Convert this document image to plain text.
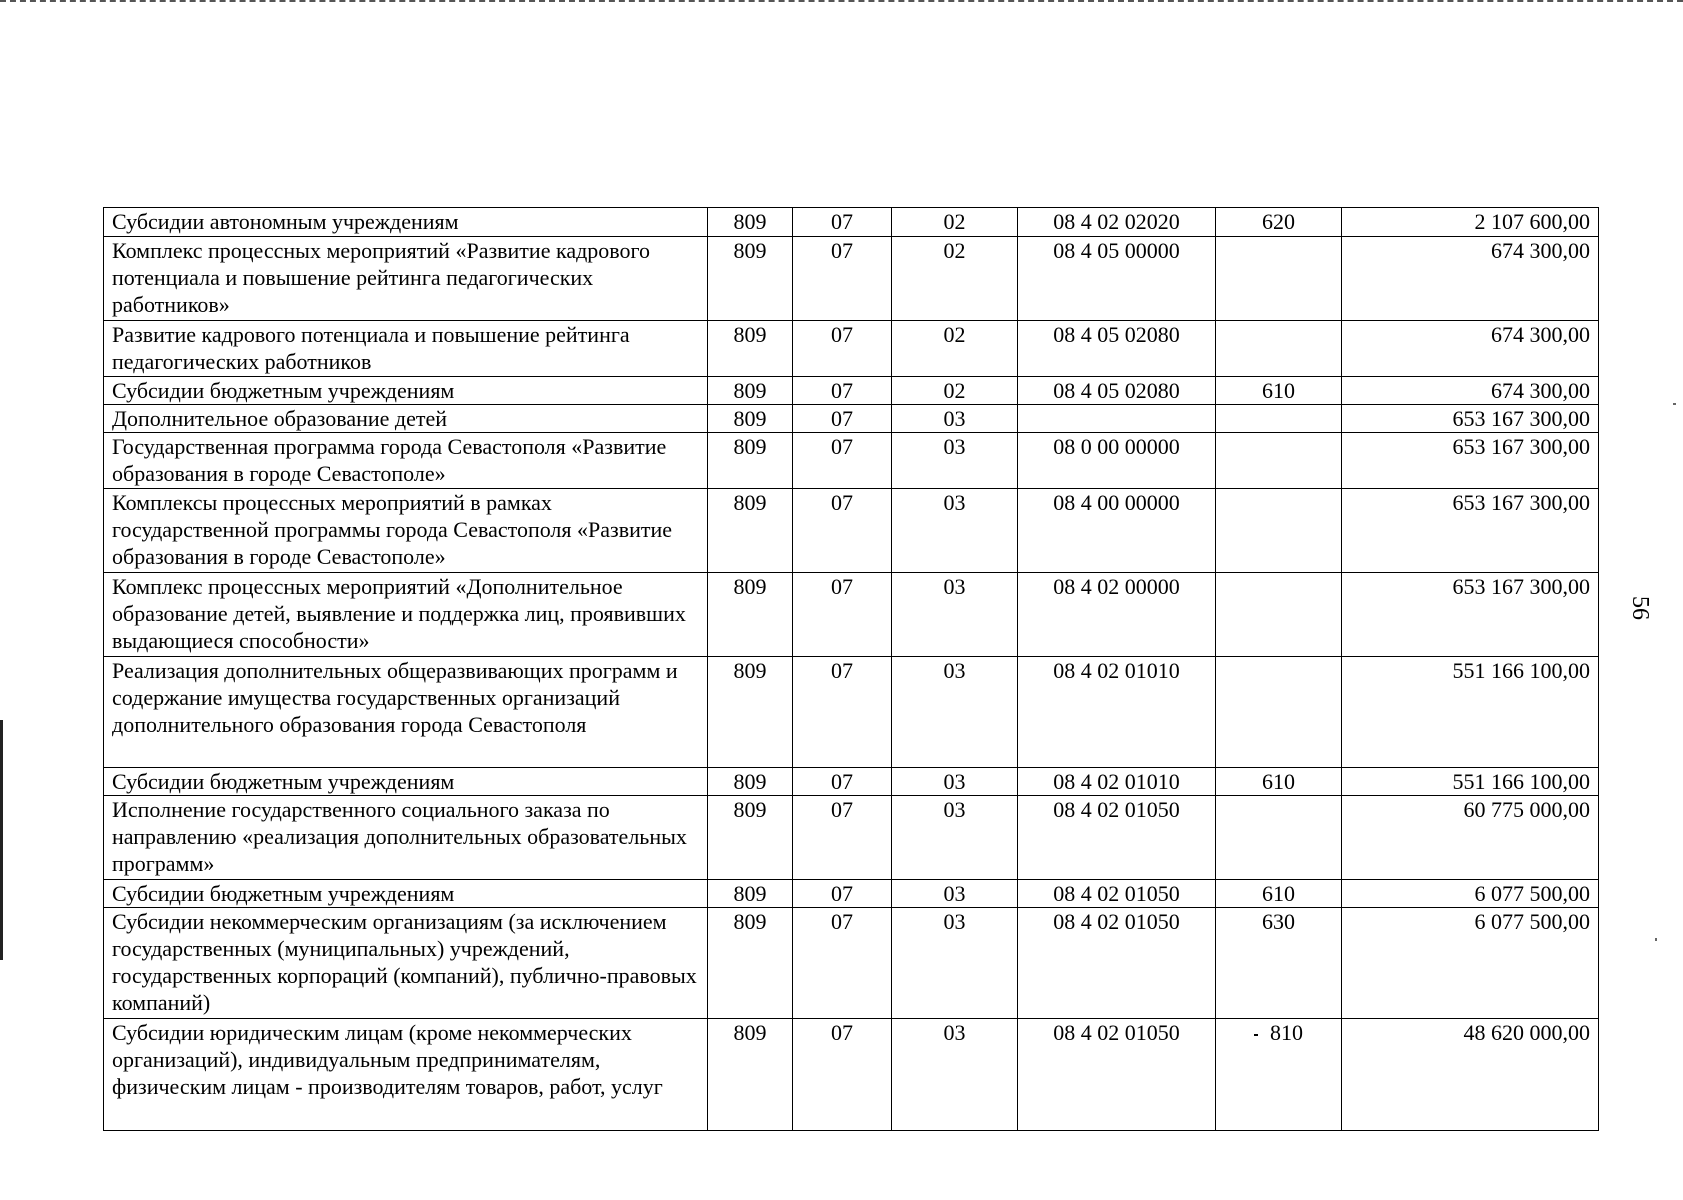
56
Субсидии автономным учреждениям	809	07	02	08 4 02 02020	620	2 107 600,00
Комплекс процессных мероприятий «Развитие кадрового потенциала и повышение рейтинга педагогических работников»	809	07	02	08 4 05 00000		674 300,00
Развитие кадрового потенциала и повышение рейтинга педагогических работников	809	07	02	08 4 05 02080		674 300,00
Субсидии бюджетным учреждениям	809	07	02	08 4 05 02080	610	674 300,00
Дополнительное образование детей	809	07	03			653 167 300,00
Государственная программа города Севастополя «Развитие образования в городе Севастополе»	809	07	03	08 0 00 00000		653 167 300,00
Комплексы процессных мероприятий в рамках государственной программы города Севастополя «Развитие образования в городе Севастополе»	809	07	03	08 4 00 00000		653 167 300,00
Комплекс процессных мероприятий «Дополнительное образование детей, выявление и поддержка лиц, проявивших выдающиеся способности»	809	07	03	08 4 02 00000		653 167 300,00
Реализация дополнительных общеразвивающих программ и содержание имущества государственных организаций дополнительного образования города Севастополя	809	07	03	08 4 02 01010		551 166 100,00
Субсидии бюджетным учреждениям	809	07	03	08 4 02 01010	610	551 166 100,00
Исполнение государственного социального заказа по направлению «реализация дополнительных образовательных программ»	809	07	03	08 4 02 01050		60 775 000,00
Субсидии бюджетным учреждениям	809	07	03	08 4 02 01050	610	6 077 500,00
Субсидии некоммерческим организациям (за исключением государственных (муниципальных) учреждений, государственных корпораций (компаний), публично-правовых компаний)	809	07	03	08 4 02 01050	630	6 077 500,00
Субсидии юридическим лицам (кроме некоммерческих организаций), индивидуальным предпринимателям, физическим лицам - производителям товаров, работ, услуг	809	07	03	08 4 02 01050	810	48 620 000,00
